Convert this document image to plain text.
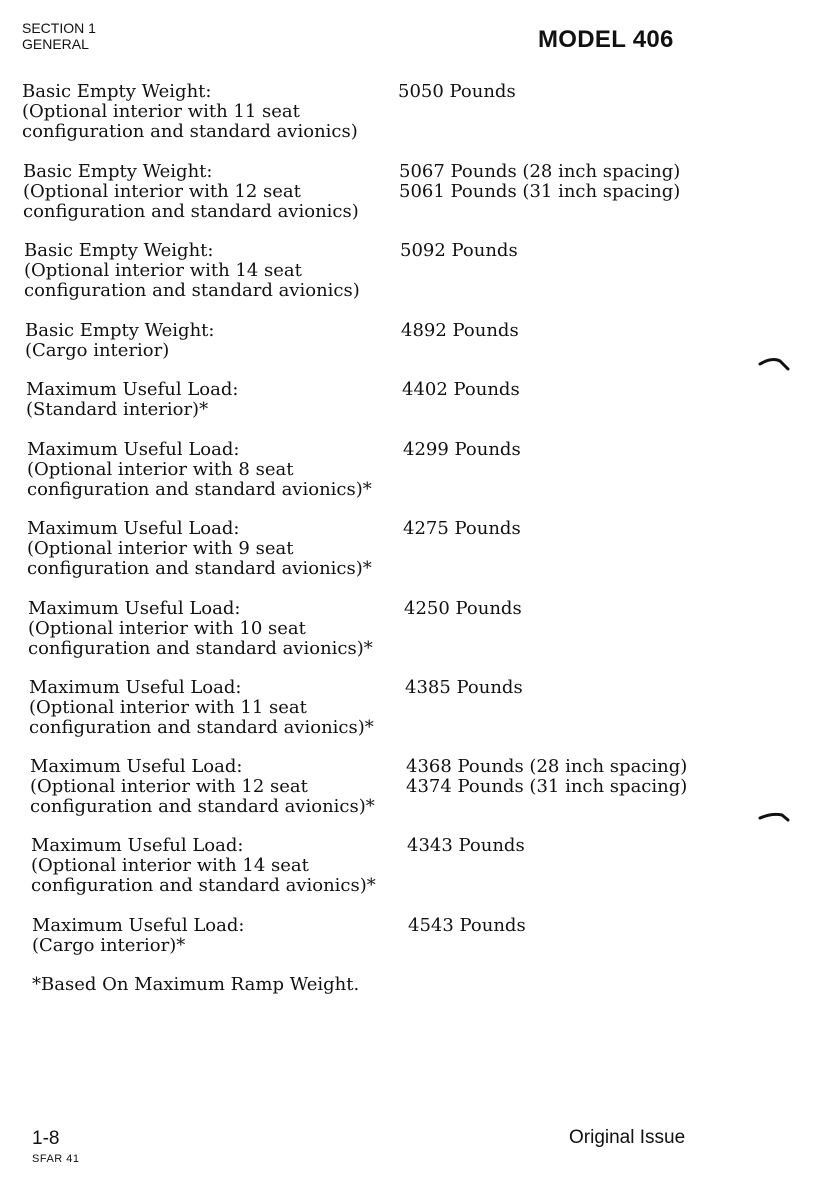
SECTION 1
GENERAL	MODEL 406
Basic Empty Weight:
(Optional interior with 11 seat
configuration and standard avionics)
5050 Pounds
Basic Empty Weight:
(Optional interior with 12 seat
configuration and standard avionics)
5067 Pounds (28 inch spacing)
5061 Pounds (31 inch spacing)
Basic Empty Weight:
(Optional interior with 14 seat
configuration and standard avionics)
5092 Pounds
Basic Empty Weight:
(Cargo interior)
4892 Pounds
Maximum Useful Load:
(Standard interior)*
4402 Pounds
Maximum Useful Load:
(Optional interior with 8 seat
configuration and standard avionics)*
4299 Pounds
Maximum Useful Load:
(Optional interior with 9 seat
configuration and standard avionics)*
4275 Pounds
Maximum Useful Load:
(Optional interior with 10 seat
configuration and standard avionics)*
4250 Pounds
Maximum Useful Load:
(Optional interior with 11 seat
configuration and standard avionics)*
4385 Pounds
Maximum Useful Load:
(Optional interior with 12 seat
configuration and standard avionics)*
4368 Pounds (28 inch spacing)
4374 Pounds (31 inch spacing)
Maximum Useful Load:
(Optional interior with 14 seat
configuration and standard avionics)*
4343 Pounds
Maximum Useful Load:
(Cargo interior)*
4543 Pounds
*Based On Maximum Ramp Weight.
1-8
SFAR 41
Original Issue
